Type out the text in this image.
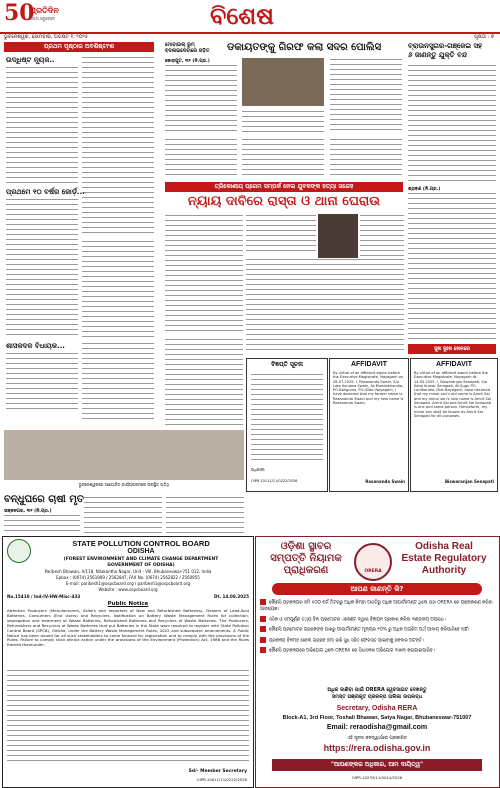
50
ପ୍ରତିଦିନ
ସତ୍ୟ ସବୁବେଳେ	ବିଶେଷ
ଭୁବନେଶ୍ୱର, ସୋମବାର, ଅଗଷ୍ଟ ୧, ୨୦୨୫	ପୃଷ୍ଠା : ୭
ପ୍ରଥମ ପୃଷ୍ଠାର ଅବଶିଷ୍ଟାଂଶ
ଉଦ୍ଧିଷ୍ଟ ନ୍ୟୂଜ..
ପ୍ରଥମେ ୧୦ ବର୍ଷର ଜୋର୍ଡ଼...
ଶାସକଦଳ ବିଧାୟକ...
ମୋବାଇଲ୍ ରୁମ୍ ବଦଳାଇଦେବାରେ ଜଡ଼ିତ	ଡକାୟତଙ୍କୁ ଗିରଫ କଲା ସଦର ପୋଲିସ
କୋରାପୁଟ, ୩୧ (ନି.ପ୍ର.)
ବ୍ରାଉନସୁଗର-ଗଞ୍ଜେଇ ସହ
୬ ଜାଣନ୍ତୁ ଯୁକ୍ତି ବନ୍ଦ
ଶ୍ରାଵଣ (ନି.ପ୍ର.)
ତ୍ରିକୋଣୀୟ ପ୍ରେମ ସମ୍ପର୍କ ନେଇ ଯୁବକଙ୍କ ହତ୍ୟା ସନ୍ଦେହ
ନ୍ୟାୟ ଦାବିରେ ରାସ୍ତା ଓ ଥାନା ଘେରାଉ
ଭୁବନେଶ୍ୱରରେ ଆୟୋଜିତ କାର୍ଯ୍ୟକ୍ରମରେ ଉପସ୍ଥିତ ଅତିଥି
ବିଜ୍ଞପ୍ତି ସୂଚନା
ଅଧିକାରୀ
OIPR-10111/11/0222/2526
AFFIDAVIT
By virtue of an affidavit sworn before the Executive Magistrate, Nayagarh on 28.07.2025. I, Rasananda Swain, S/o Late Kunjana Swain, At-Mundakhandia, PO-Baliguma, P.S./Dist.-Nayagarh, I have declared that my former name is Rasananda Swain and my new name is Rasananda Swain.
Rasananda Swain
AFFIDAVIT
By virtue of an affidavit sworn before the Executive Magistrate, Nayagarh dt. 14.05.2025, I, Biswaranjan Senapati, S/o Saroj Kumar Senapati, At-Sugu PO-Lunthandia, Dist-Nayagarh, have declared that my minor son's old name is Amrit Sai and my minor son's new name is Amrit Sai Senapati. Amrit Sai and Amrit Sai Senapati is one and same person. Henceforth, my minor son shall be known as Amrit Sai Senapati for all purposes.
Biswaranjan Senapati
ସୁଖ ଦୁଃଖ ଖେଳରେ
ବନ୍ଧୁଘରେ ଚାଷୀ ମୃତ
ଭଞ୍ଜନଗର, ୩୧ (ନି.ପ୍ର.)
STATE POLLUTION CONTROL BOARD
ODISHA
(FOREST ENVIRONMENT AND CLIMATE CHANGE DEPARTMENT
GOVERNMENT OF ODISHA)
Paribesh Bhawan, A/118, Nilakantha Nagar, Unit - VIII, Bhubaneswar-751 012, India
Epbax : (0674) 2561909 / 2562847, FAX No. (0674) 2562822 / 2560955
E-mail: paribesh1@ospcboard.org / paribesh1@ospcboard.org
Website : www.ospcboard.org
No.15410 / Ind-IV-HW-Misc-433	Dt. 14.08.2025
Public Notice
Attention Producers (Manufacturers, Sellers and Importers of New and Refurbished Batteries), Dealers of Lead-Acid Batteries, Consumers (End Users) and Recyclers. Notification on Battery Waste Management Rules for collection, segregation and treatment of Waste Batteries, Refurbished Batteries and Recyclers of Waste Batteries. The Producers, Refurbishers and Recyclers of Waste Batteries that put Batteries in the State were required to register with State Pollution Control Board (SPCB), Odisha, under the Battery Waste Management Rules, 2022 and subsequent amendments. A Public Notice has been issued for all such stakeholders to come forward for registration and to comply with the provisions of the Rules. Failure to comply shall attract action under the provisions of the Environment (Protection) Act, 1986 and the Rules framed thereunder.
Sd/- Member Secretary
OIPR-10011/11/0222/2526
ଓଡ଼ିଶା ସ୍ଥାବର
ସମ୍ପତ୍ତି ନିୟାମକ
ପ୍ରାଧିକରଣ	ORERA
Odisha Real
Estate Regulatory
Authority
ଆପଣ ଜାଣନ୍ତି କି?
କୌଣସି ପ୍ରକଳ୍ପର ଜମି ୫୦୦ ବର୍ଗ ମିଟରରୁ ଅଧିକ କିମ୍ବା ଆଠଟିରୁ ଅଧିକ ଆପାର୍ଟମେଣ୍ଟ ଥିଲେ ତାହା ORERA ରେ ପଞ୍ଜୀକରଣ କରିବା ଆବଶ୍ୟକ।
ସଠିକ ଓ ସମ୍ପୂର୍ଣ୍ଣ ତଥ୍ୟ ବିନା ପ୍ରମୋଟର ଏଜେଣ୍ଟ ଦ୍ୱାରା ବିଜ୍ଞାପନ ପ୍ରକାଶ କରିବା ଦଣ୍ଡନୀୟ ଅପରାଧ।
କୌଣସି ପ୍ରମୋଟର ଗ୍ରାହକଙ୍କ ପାଖରୁ ଆପାର୍ଟମେଣ୍ଟ ମୂଲ୍ୟର ୧୦% ରୁ ଅଧିକ ଅଗ୍ରିମ ଅର୍ଥ ଆଦାୟ କରିପାରିବେ ନାହିଁ।
ପ୍ରକଳ୍ପ ବିଳମ୍ବ ହେଲେ ଗ୍ରାହକ ଜମା ରାଶି ସୁଧ ସହିତ ଫେରସ୍ତ ପାଇବାକୁ ହକଦାର ଅଟନ୍ତି।
କୌଣସି ପ୍ରକଳ୍ପରେ ଅଭିଯୋଗ ଥିଲେ ORERA ରେ ସିଧାସଳଖ ଅଭିଯୋଗ ଦାଖଲ କରାଯାଇପାରିବ।
ଅଧିକ ଜାଣିବା ପାଇଁ ORERA ୱେବସାଇଟ ଦେଖନ୍ତୁ
ସମସ୍ତ ପଞ୍ଜୀକୃତ ପ୍ରକଳ୍ପ ତାଲିକା ଉପଲବ୍ଧ
Secretary, Odisha RERA
Block-A1, 3rd Floor, Toshali Bhawan, Satya Nagar, Bhubaneswar-751007
Email: reraodisha@gmail.com
ଏହି ସୂଚନା ଜନସ୍ୱାର୍ଥରେ ପ୍ରକାଶିତ
https://rera.odisha.gov.in
"ଆପଣଙ୍କର ଅଧିକାର, ଆମ ଦାୟିତ୍ୱ"
OIPR-10233/11/0014/2526
